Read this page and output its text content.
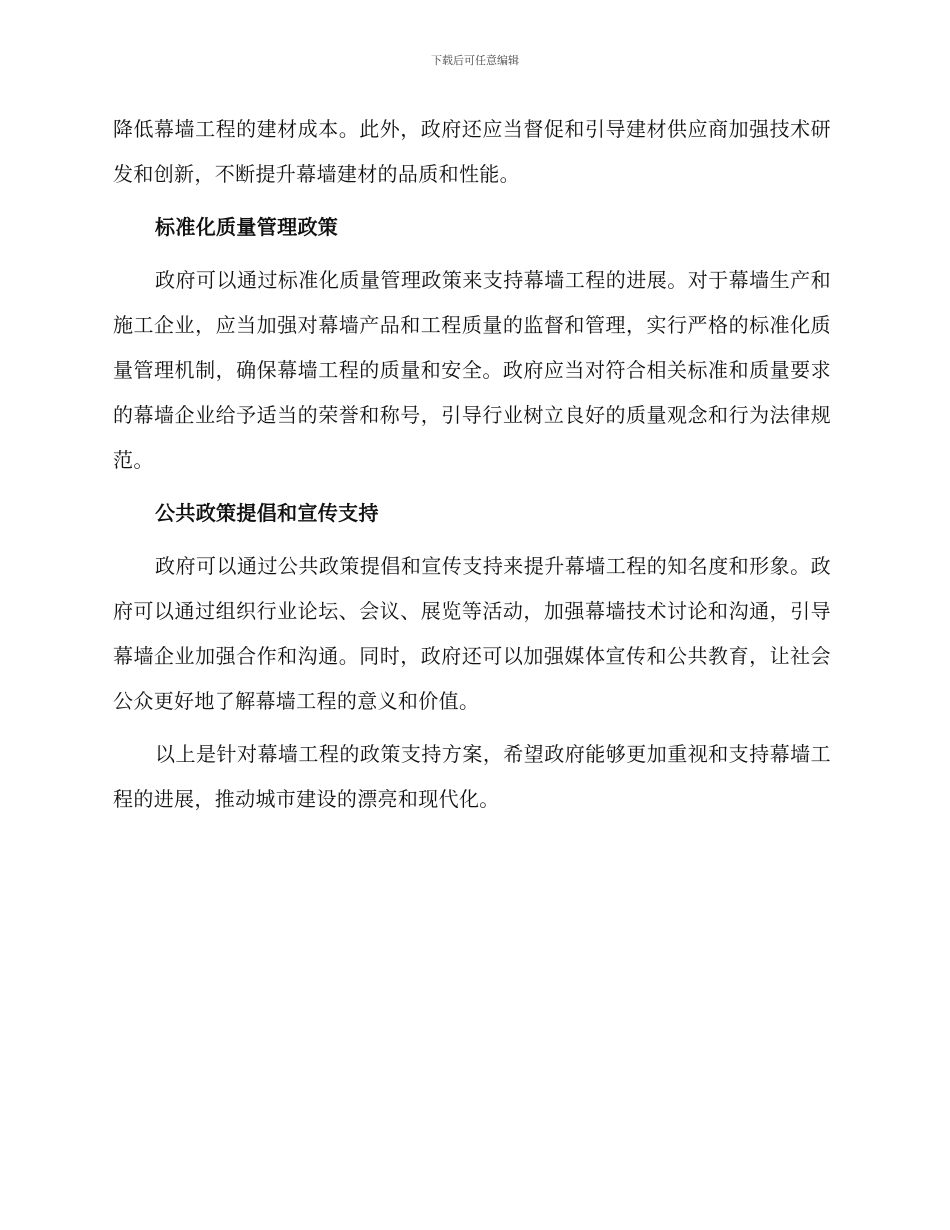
下载后可任意编辑

降低幕墙工程的建材成本。此外，政府还应当督促和引导建材供应商加强技术研发和创新，不断提升幕墙建材的品质和性能。

标准化质量管理政策

政府可以通过标准化质量管理政策来支持幕墙工程的进展。对于幕墙生产和施工企业，应当加强对幕墙产品和工程质量的监督和管理，实行严格的标准化质量管理机制，确保幕墙工程的质量和安全。政府应当对符合相关标准和质量要求的幕墙企业给予适当的荣誉和称号，引导行业树立良好的质量观念和行为法律规范。

公共政策提倡和宣传支持

政府可以通过公共政策提倡和宣传支持来提升幕墙工程的知名度和形象。政府可以通过组织行业论坛、会议、展览等活动，加强幕墙技术讨论和沟通，引导幕墙企业加强合作和沟通。同时，政府还可以加强媒体宣传和公共教育，让社会公众更好地了解幕墙工程的意义和价值。

以上是针对幕墙工程的政策支持方案，希望政府能够更加重视和支持幕墙工程的进展，推动城市建设的漂亮和现代化。
